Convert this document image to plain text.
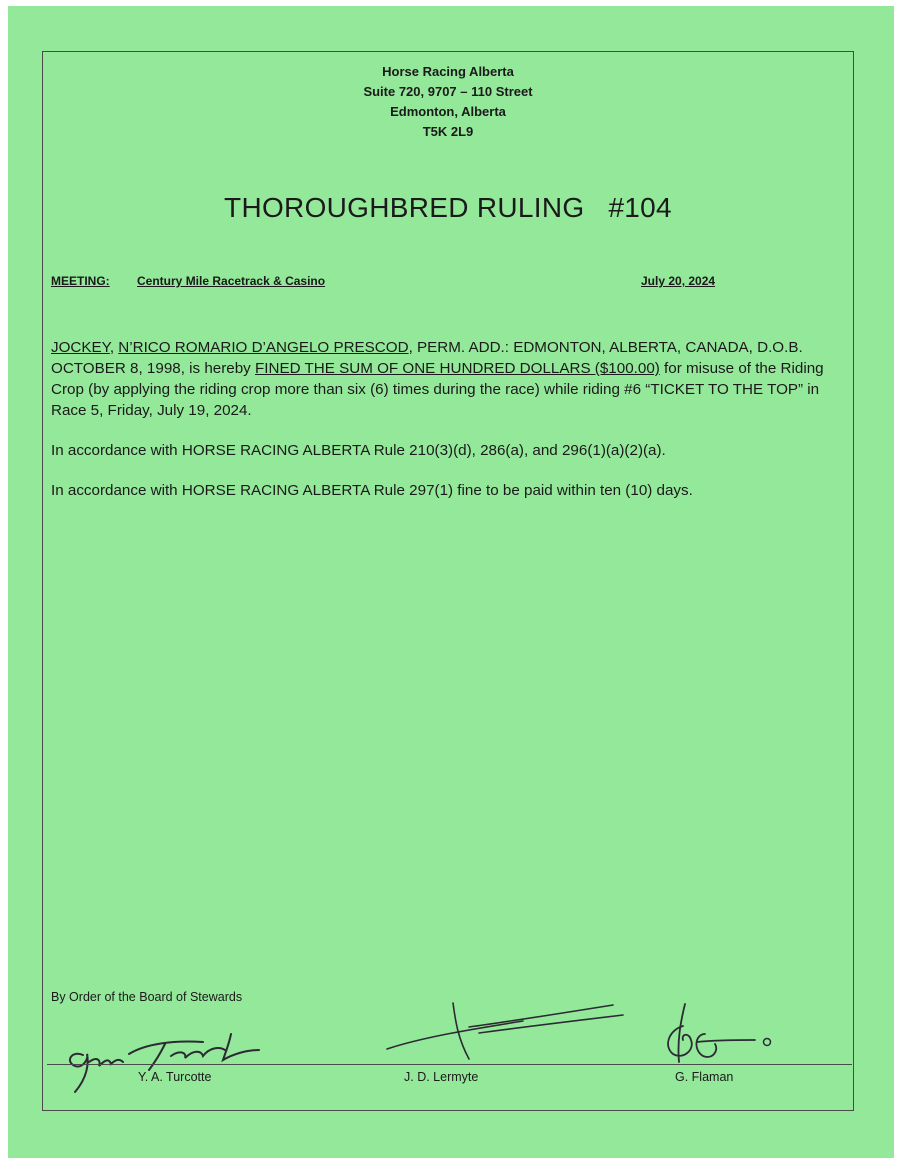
Horse Racing Alberta
Suite 720, 9707 – 110 Street
Edmonton, Alberta
T5K 2L9
THOROUGHBRED RULING #104
MEETING: Century Mile Racetrack & Casino	July 20, 2024

JOCKEY, N’RICO ROMARIO D’ANGELO PRESCOD, PERM. ADD.: EDMONTON, ALBERTA, CANADA, D.O.B. OCTOBER 8, 1998, is hereby FINED THE SUM OF ONE HUNDRED DOLLARS ($100.00) for misuse of the Riding Crop (by applying the riding crop more than six (6) times during the race) while riding #6 “TICKET TO THE TOP” in Race 5, Friday, July 19, 2024.

In accordance with HORSE RACING ALBERTA Rule 210(3)(d), 286(a), and 296(1)(a)(2)(a).

In accordance with HORSE RACING ALBERTA Rule 297(1) fine to be paid within ten (10) days.

By Order of the Board of Stewards
Y. A. Turcotte	J. D. Lermyte	G. Flaman
